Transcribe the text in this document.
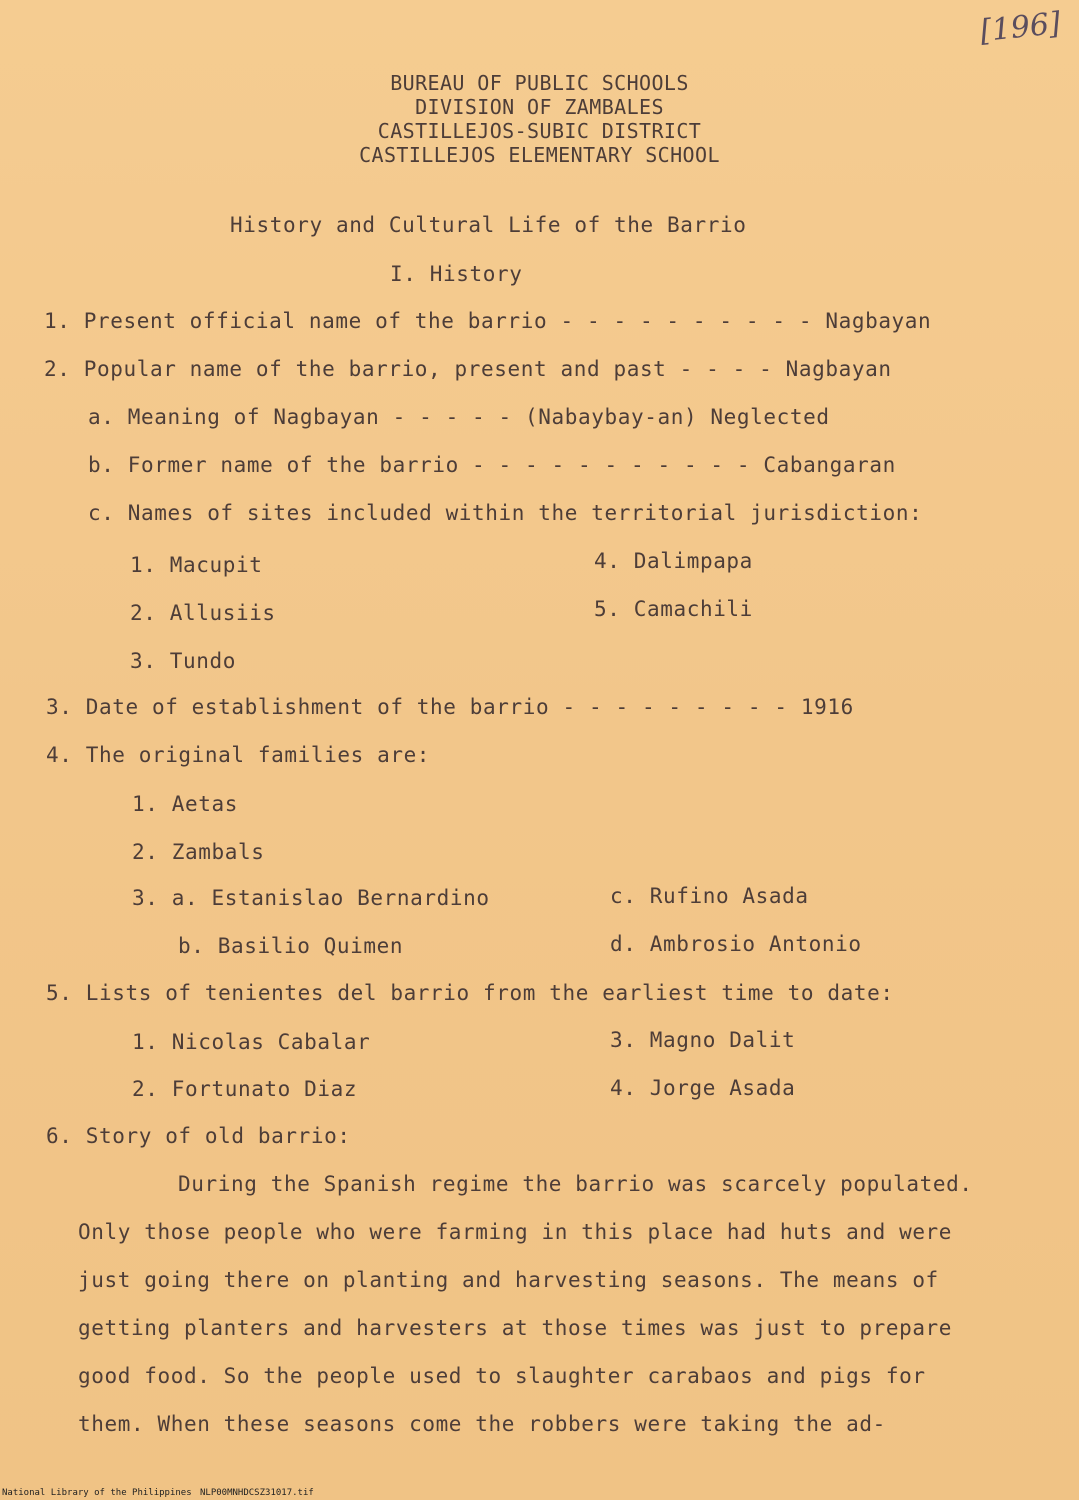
[196]
BUREAU OF PUBLIC SCHOOLS
DIVISION OF ZAMBALES
CASTILLEJOS-SUBIC DISTRICT
CASTILLEJOS ELEMENTARY SCHOOL
History and Cultural Life of the Barrio
I. History
1. Present official name of the barrio - - - - - - - - - - Nagbayan
2. Popular name of the barrio, present and past - - - - Nagbayan
a. Meaning of Nagbayan - - - - - (Nabaybay-an) Neglected
b. Former name of the barrio - - - - - - - - - - - Cabangaran
c. Names of sites included within the territorial jurisdiction:
1. Macupit	4. Dalimpapa
2. Allusiis	5. Camachili
3. Tundo
3. Date of establishment of the barrio - - - - - - - - - 1916
4. The original families are:
1. Aetas
2. Zambals
3. a. Estanislao Bernardino	c. Rufino Asada
b. Basilio Quimen	d. Ambrosio Antonio
5. Lists of tenientes del barrio from the earliest time to date:
1. Nicolas Cabalar	3. Magno Dalit
2. Fortunato Diaz	4. Jorge Asada
6. Story of old barrio:
During the Spanish regime the barrio was scarcely populated.
Only those people who were farming in this place had huts and were
just going there on planting and harvesting seasons. The means of
getting planters and harvesters at those times was just to prepare
good food. So the people used to slaughter carabaos and pigs for
them. When these seasons come the robbers were taking the ad-
National Library of the Philippines NLP00MNHDCSZ31017.tif
